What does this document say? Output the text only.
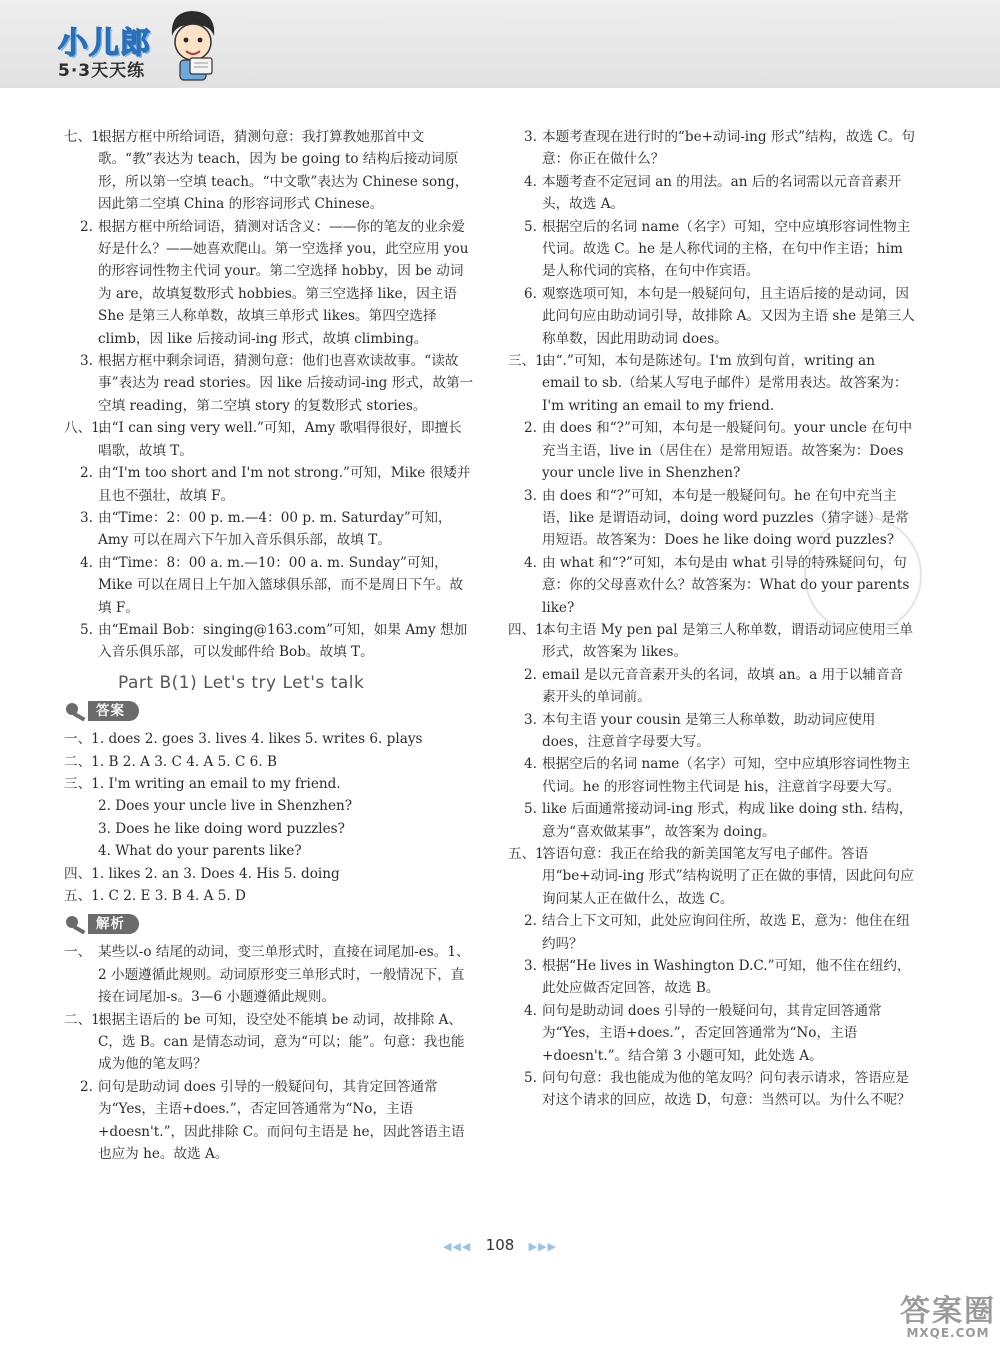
小儿郎
5·3天天练

七、1.
根据方框中所给词语，猜测句意：我打算教她那首中文歌。“教”表达为 teach，因为 be going to 结构后接动词原形，所以第一空填 teach。“中文歌”表达为 Chinese song，因此第二空填 China 的形容词形式 Chinese。

2. 根据方框中所给词语，猜测对话含义：——你的笔友的业余爱好是什么？——她喜欢爬山。第一空选择 you，此空应用 you 的形容词性物主代词 your。第二空选择 hobby，因 be 动词为 are，故填复数形式 hobbies。第三空选择 like，因主语 She 是第三人称单数，故填三单形式 likes。第四空选择 climb，因 like 后接动词-ing 形式，故填 climbing。

3. 根据方框中剩余词语，猜测句意：他们也喜欢读故事。“读故事”表达为 read stories。因 like 后接动词-ing 形式，故第一空填 reading，第二空填 story 的复数形式 stories。

八、1.
由“I can sing very well.”可知，Amy 歌唱得很好，即擅长唱歌，故填 T。

2. 由“I'm too short and I'm not strong.”可知，Mike 很矮并且也不强壮，故填 F。

3. 由“Time：2：00 p. m.—4：00 p. m. Saturday”可知，Amy 可以在周六下午加入音乐俱乐部，故填 T。

4. 由“Time：8：00 a. m.—10：00 a. m. Sunday”可知，Mike 可以在周日上午加入篮球俱乐部，而不是周日下午。故填 F。

5. 由“Email Bob：singing@163.com”可知，如果 Amy 想加入音乐俱乐部，可以发邮件给 Bob。故填 T。

Part B(1) Let's try Let's talk
答案
一、1. does 2. goes 3. lives 4. likes 5. writes 6. plays
二、1. B 2. A 3. C 4. A 5. C 6. B
三、1. I'm writing an email to my friend.
2. Does your uncle live in Shenzhen?
3. Does he like doing word puzzles?
4. What do your parents like?
四、1. likes 2. an 3. Does 4. His 5. doing
五、1. C 2. E 3. B 4. A 5. D
解析

一、 某些以-o 结尾的动词，变三单形式时，直接在词尾加-es。1、2 小题遵循此规则。动词原形变三单形式时，一般情况下，直接在词尾加-s。3—6 小题遵循此规则。

二、1.
根据主语后的 be 可知，设空处不能填 be 动词，故排除 A、C，选 B。can 是情态动词，意为“可以；能”。句意：我也能成为他的笔友吗？

2. 问句是助动词 does 引导的一般疑问句，其肯定回答通常为“Yes，主语+does.”，否定回答通常为“No，主语+doesn't.”，因此排除 C。而问句主语是 he，因此答语主语也应为 he。故选 A。

3. 本题考查现在进行时的“be+动词-ing 形式”结构，故选 C。句意：你正在做什么？

4. 本题考查不定冠词 an 的用法。an 后的名词需以元音音素开头，故选 A。

5. 根据空后的名词 name（名字）可知，空中应填形容词性物主代词。故选 C。he 是人称代词的主格，在句中作主语；him 是人称代词的宾格，在句中作宾语。

6. 观察选项可知，本句是一般疑问句，且主语后接的是动词，因此问句应由助动词引导，故排除 A。又因为主语 she 是第三人称单数，因此用助动词 does。

三、1.
由“.”可知，本句是陈述句。I'm 放到句首，writing an email to sb.（给某人写电子邮件）是常用表达。故答案为：I'm writing an email to my friend.

2. 由 does 和“?”可知，本句是一般疑问句。your uncle 在句中充当主语，live in（居住在）是常用短语。故答案为：Does your uncle live in Shenzhen?

3. 由 does 和“?”可知，本句是一般疑问句。he 在句中充当主语，like 是谓语动词，doing word puzzles（猜字谜）是常用短语。故答案为：Does he like doing word puzzles?

4. 由 what 和“?”可知，本句是由 what 引导的特殊疑问句，句意：你的父母喜欢什么？故答案为：What do your parents like?

四、1.
本句主语 My pen pal 是第三人称单数，谓语动词应使用三单形式，故答案为 likes。

2. email 是以元音音素开头的名词，故填 an。a 用于以辅音音素开头的单词前。

3. 本句主语 your cousin 是第三人称单数，助动词应使用 does，注意首字母要大写。

4. 根据空后的名词 name（名字）可知，空中应填形容词性物主代词。he 的形容词性物主代词是 his，注意首字母要大写。

5. like 后面通常接动词-ing 形式，构成 like doing sth. 结构，意为“喜欢做某事”，故答案为 doing。

五、1.
答语句意：我正在给我的新美国笔友写电子邮件。答语用“be+动词-ing 形式”结构说明了正在做的事情，因此问句应询问某人正在做什么，故选 C。

2. 结合上下文可知，此处应询问住所，故选 E，意为：他住在纽约吗？

3. 根据“He lives in Washington D.C.”可知，他不住在纽约，此处应做否定回答，故选 B。

4. 问句是助动词 does 引导的一般疑问句，其肯定回答通常为“Yes，主语+does.”，否定回答通常为“No，主语+doesn't.”。结合第 3 小题可知，此处选 A。

5. 问句句意：我也能成为他的笔友吗？问句表示请求，答语应是对这个请求的回应，故选 D，句意：当然可以。为什么不呢？

◀◀◀ 108 ▶▶▶
答案圈
MXQE.COM
